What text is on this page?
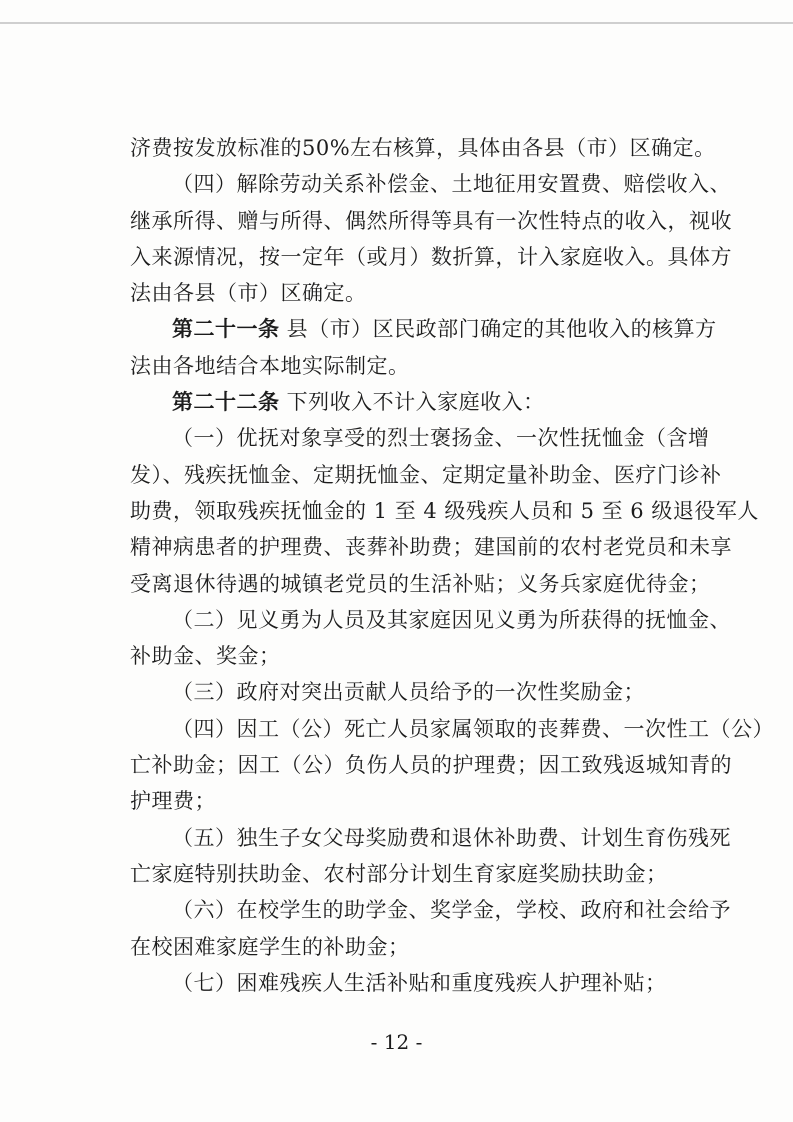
济费按发放标准的50%左右核算，具体由各县（市）区确定。
（四）解除劳动关系补偿金、土地征用安置费、赔偿收入、
继承所得、赠与所得、偶然所得等具有一次性特点的收入，视收
入来源情况，按一定年（或月）数折算，计入家庭收入。具体方
法由各县（市）区确定。
第二十一条 县（市）区民政部门确定的其他收入的核算方
法由各地结合本地实际制定。
第二十二条 下列收入不计入家庭收入：
（一）优抚对象享受的烈士褒扬金、一次性抚恤金（含增
发）、残疾抚恤金、定期抚恤金、定期定量补助金、医疗门诊补
助费，领取残疾抚恤金的 1 至 4 级残疾人员和 5 至 6 级退役军人
精神病患者的护理费、丧葬补助费；建国前的农村老党员和未享
受离退休待遇的城镇老党员的生活补贴；义务兵家庭优待金；
（二）见义勇为人员及其家庭因见义勇为所获得的抚恤金、
补助金、奖金；
（三）政府对突出贡献人员给予的一次性奖励金；
（四）因工（公）死亡人员家属领取的丧葬费、一次性工（公）
亡补助金；因工（公）负伤人员的护理费；因工致残返城知青的
护理费；
（五）独生子女父母奖励费和退休补助费、计划生育伤残死
亡家庭特别扶助金、农村部分计划生育家庭奖励扶助金；
（六）在校学生的助学金、奖学金，学校、政府和社会给予
在校困难家庭学生的补助金；
（七）困难残疾人生活补贴和重度残疾人护理补贴；
- 12 -
